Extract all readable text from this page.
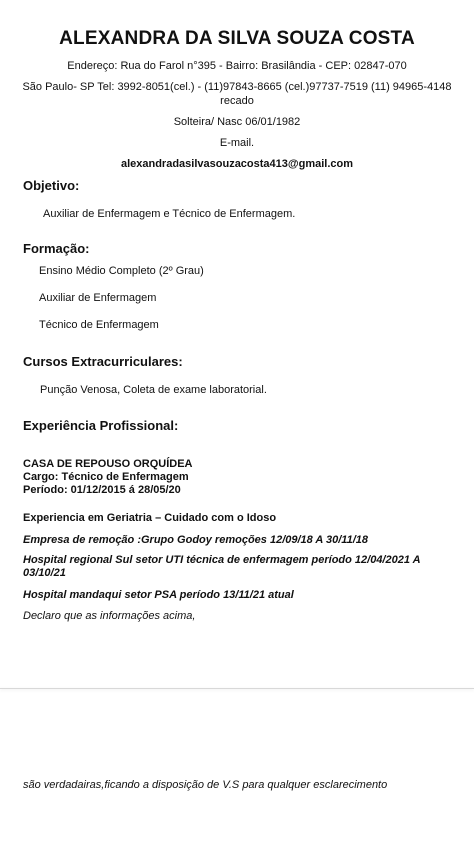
ALEXANDRA DA SILVA SOUZA COSTA
Endereço: Rua do Farol n°395 - Bairro: Brasilândia - CEP: 02847-070
São Paulo- SP Tel: 3992-8051(cel.) - (11)97843-8665 (cel.)97737-7519 (11) 94965-4148 recado
Solteira/ Nasc 06/01/1982
E-mail.
alexandradasilvasouzacosta413@gmail.com
Objetivo:
Auxiliar de Enfermagem e Técnico de Enfermagem.
Formação:
Ensino Médio Completo (2º Grau)
Auxiliar de Enfermagem
Técnico de Enfermagem
Cursos Extracurriculares:
Punção Venosa, Coleta de exame laboratorial.
Experiência Profissional:
CASA DE REPOUSO ORQUÍDEA
Cargo: Técnico de Enfermagem
Período: 01/12/2015 á 28/05/20
Experiencia em Geriatria – Cuidado com o Idoso
Empresa de remoção :Grupo Godoy remoções 12/09/18 A 30/11/18
Hospital regional Sul setor UTI técnica de enfermagem período 12/04/2021 A 03/10/21
Hospital mandaqui setor PSA período 13/11/21 atual
Declaro que as informações acima,
são verdadairas,ficando a disposição de V.S para qualquer esclarecimento
